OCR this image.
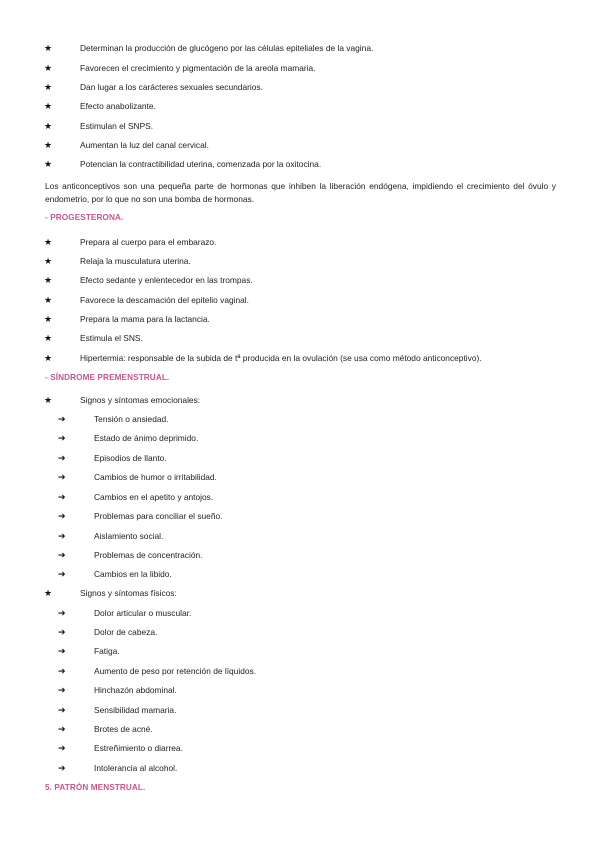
★	Determinan la producción de glucógeno por las células epiteliales de la vagina.
★	Favorecen el crecimiento y pigmentación de la areola mamaria.
★	Dan lugar a los carácteres sexuales secundarios.
★	Efecto anabolizante.
★	Estimulan el SNPS.
★	Aumentan la luz del canal cervical.
★	Potencian la contractibilidad uterina, comenzada por la oxitocina.
Los anticonceptivos son una pequeña parte de hormonas que inhiben la liberación endógena, impidiendo el crecimiento del óvulo y endometrio, por lo que no son una bomba de hormonas.
- PROGESTERONA.
★	Prepara al cuerpo para el embarazo.
★	Relaja la musculatura uterina.
★	Efecto sedante y enlentecedor en las trompas.
★	Favorece la descamación del epitelio vaginal.
★	Prepara la mama para la lactancia.
★	Estimula el SNS.
★	Hipertermia: responsable de la subida de tª producida en la ovulación (se usa como método anticonceptivo).
- SÍNDROME PREMENSTRUAL.
★	Signos y síntomas emocionales:
➔	Tensión o ansiedad.
➔	Estado de ánimo deprimido.
➔	Episodios de llanto.
➔	Cambios de humor o irritabilidad.
➔	Cambios en el apetito y antojos.
➔	Problemas para conciliar el sueño.
➔	Aislamiento social.
➔	Problemas de concentración.
➔	Cambios en la libido.
★	Signos y síntomas físicos:
➔	Dolor articular o muscular.
➔	Dolor de cabeza.
➔	Fatiga.
➔	Aumento de peso por retención de líquidos.
➔	Hinchazón abdominal.
➔	Sensibilidad mamaria.
➔	Brotes de acné.
➔	Estreñimiento o diarrea.
➔	Intolerancia al alcohol.
5. PATRÓN MENSTRUAL.
